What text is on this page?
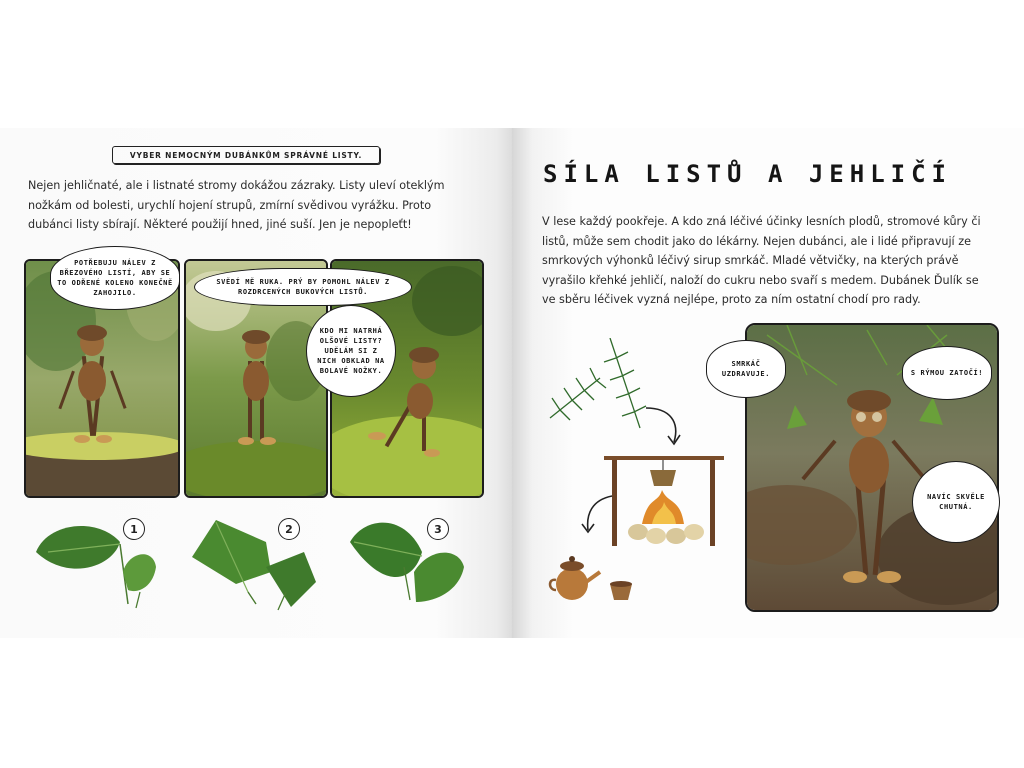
VYBER NEMOCNÝM DUBÁNKŮM SPRÁVNÉ LISTY.
Nejen jehličnaté, ale i listnaté stromy dokážou zázraky. Listy uleví oteklým nožkám od bolesti, urychlí hojení strupů, zmírní svědivou vyrážku. Proto dubánci listy sbírají. Některé použijí hned, jiné suší. Jen je nepopleťt!
POTŘEBUJU NÁLEV Z BŘEZOVÉHO LISTÍ, ABY SE TO ODŘENÉ KOLENO KONEČNĚ ZAHOJILO.
SVĚDÍ MĚ RUKA. PRÝ BY POMOHL NÁLEV Z ROZDRCENÝCH BUKOVÝCH LISTŮ.
KDO MI NATRHÁ OLŠOVÉ LISTY? UDĚLÁM SI Z NICH OBKLAD NA BOLAVÉ NOŽKY.
1	2	3
SÍLA LISTŮ A JEHLIČÍ
V lese každý pookřeje. A kdo zná léčivé účinky lesních plodů, stromové kůry či listů, může sem chodit jako do lékárny. Nejen dubánci, ale i lidé připravují ze smrkových výhonků léčivý sirup smrkáč. Mladé větvičky, na kterých právě vyrašilo křehké jehličí, naloží do cukru nebo svaří s medem. Dubánek Ďulík se ve sběru léčivek vyzná nejlépe, proto za ním ostatní chodí pro rady.
SMRKÁČ UZDRAVUJE.	S RÝMOU ZATOČÍ!
NAVÍC SKVĚLE CHUTNÁ.
